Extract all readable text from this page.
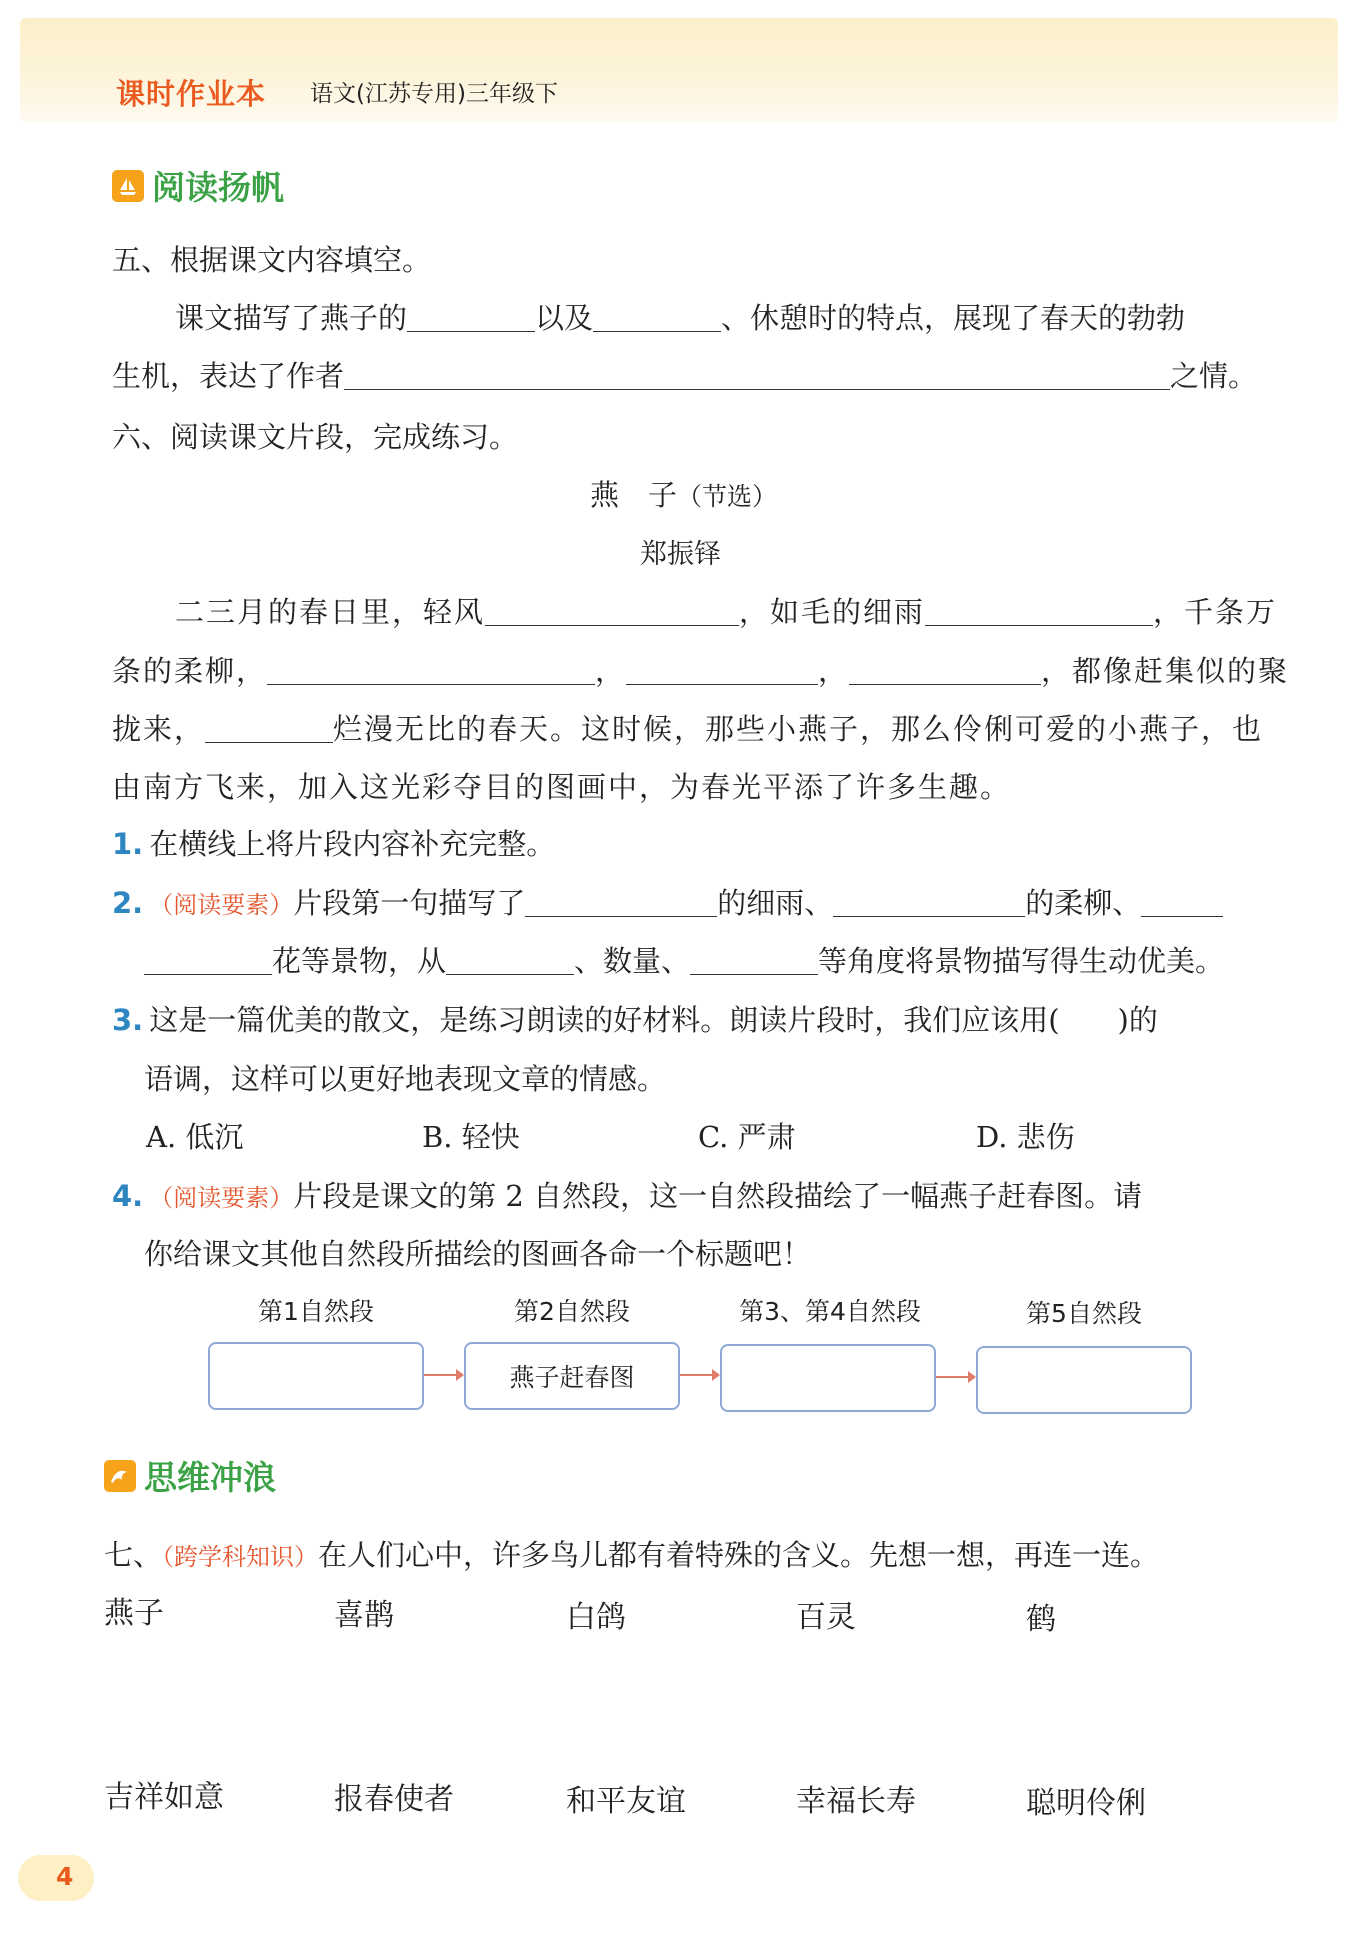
课时作业本 语文(江苏专用)三年级下
阅读扬帆
五、根据课文内容填空。
课文描写了燕子的	以及	、休憩时的特点，展现了春天的勃勃
生机，表达了作者	之情。
六、阅读课文片段，完成练习。
燕　子（节选）
郑振铎
二三月的春日里，轻风	，如毛的细雨	，千条万
条的柔柳，	，	，	，都像赶集似的聚
拢来，	烂漫无比的春天。这时候，那些小燕子，那么伶俐可爱的小燕子，也
由南方飞来，加入这光彩夺目的图画中，为春光平添了许多生趣。
1. 在横线上将片段内容补充完整。
2. （阅读要素）片段第一句描写了	的细雨、	的柔柳、
花等景物，从	、数量、	等角度将景物描写得生动优美。
3. 这是一篇优美的散文，是练习朗读的好材料。朗读片段时，我们应该用(　　)的
语调，这样可以更好地表现文章的情感。
A. 低沉	B. 轻快	C. 严肃	D. 悲伤
4. （阅读要素）片段是课文的第 2 自然段，这一自然段描绘了一幅燕子赶春图。请
你给课文其他自然段所描绘的图画各命一个标题吧！
第1自然段	第2自然段	第3、第4自然段	第5自然段
燕子赶春图
思维冲浪
七、（跨学科知识）在人们心中，许多鸟儿都有着特殊的含义。先想一想，再连一连。
燕子	喜鹊	白鸽	百灵	鹤
吉祥如意	报春使者	和平友谊	幸福长寿	聪明伶俐
4
